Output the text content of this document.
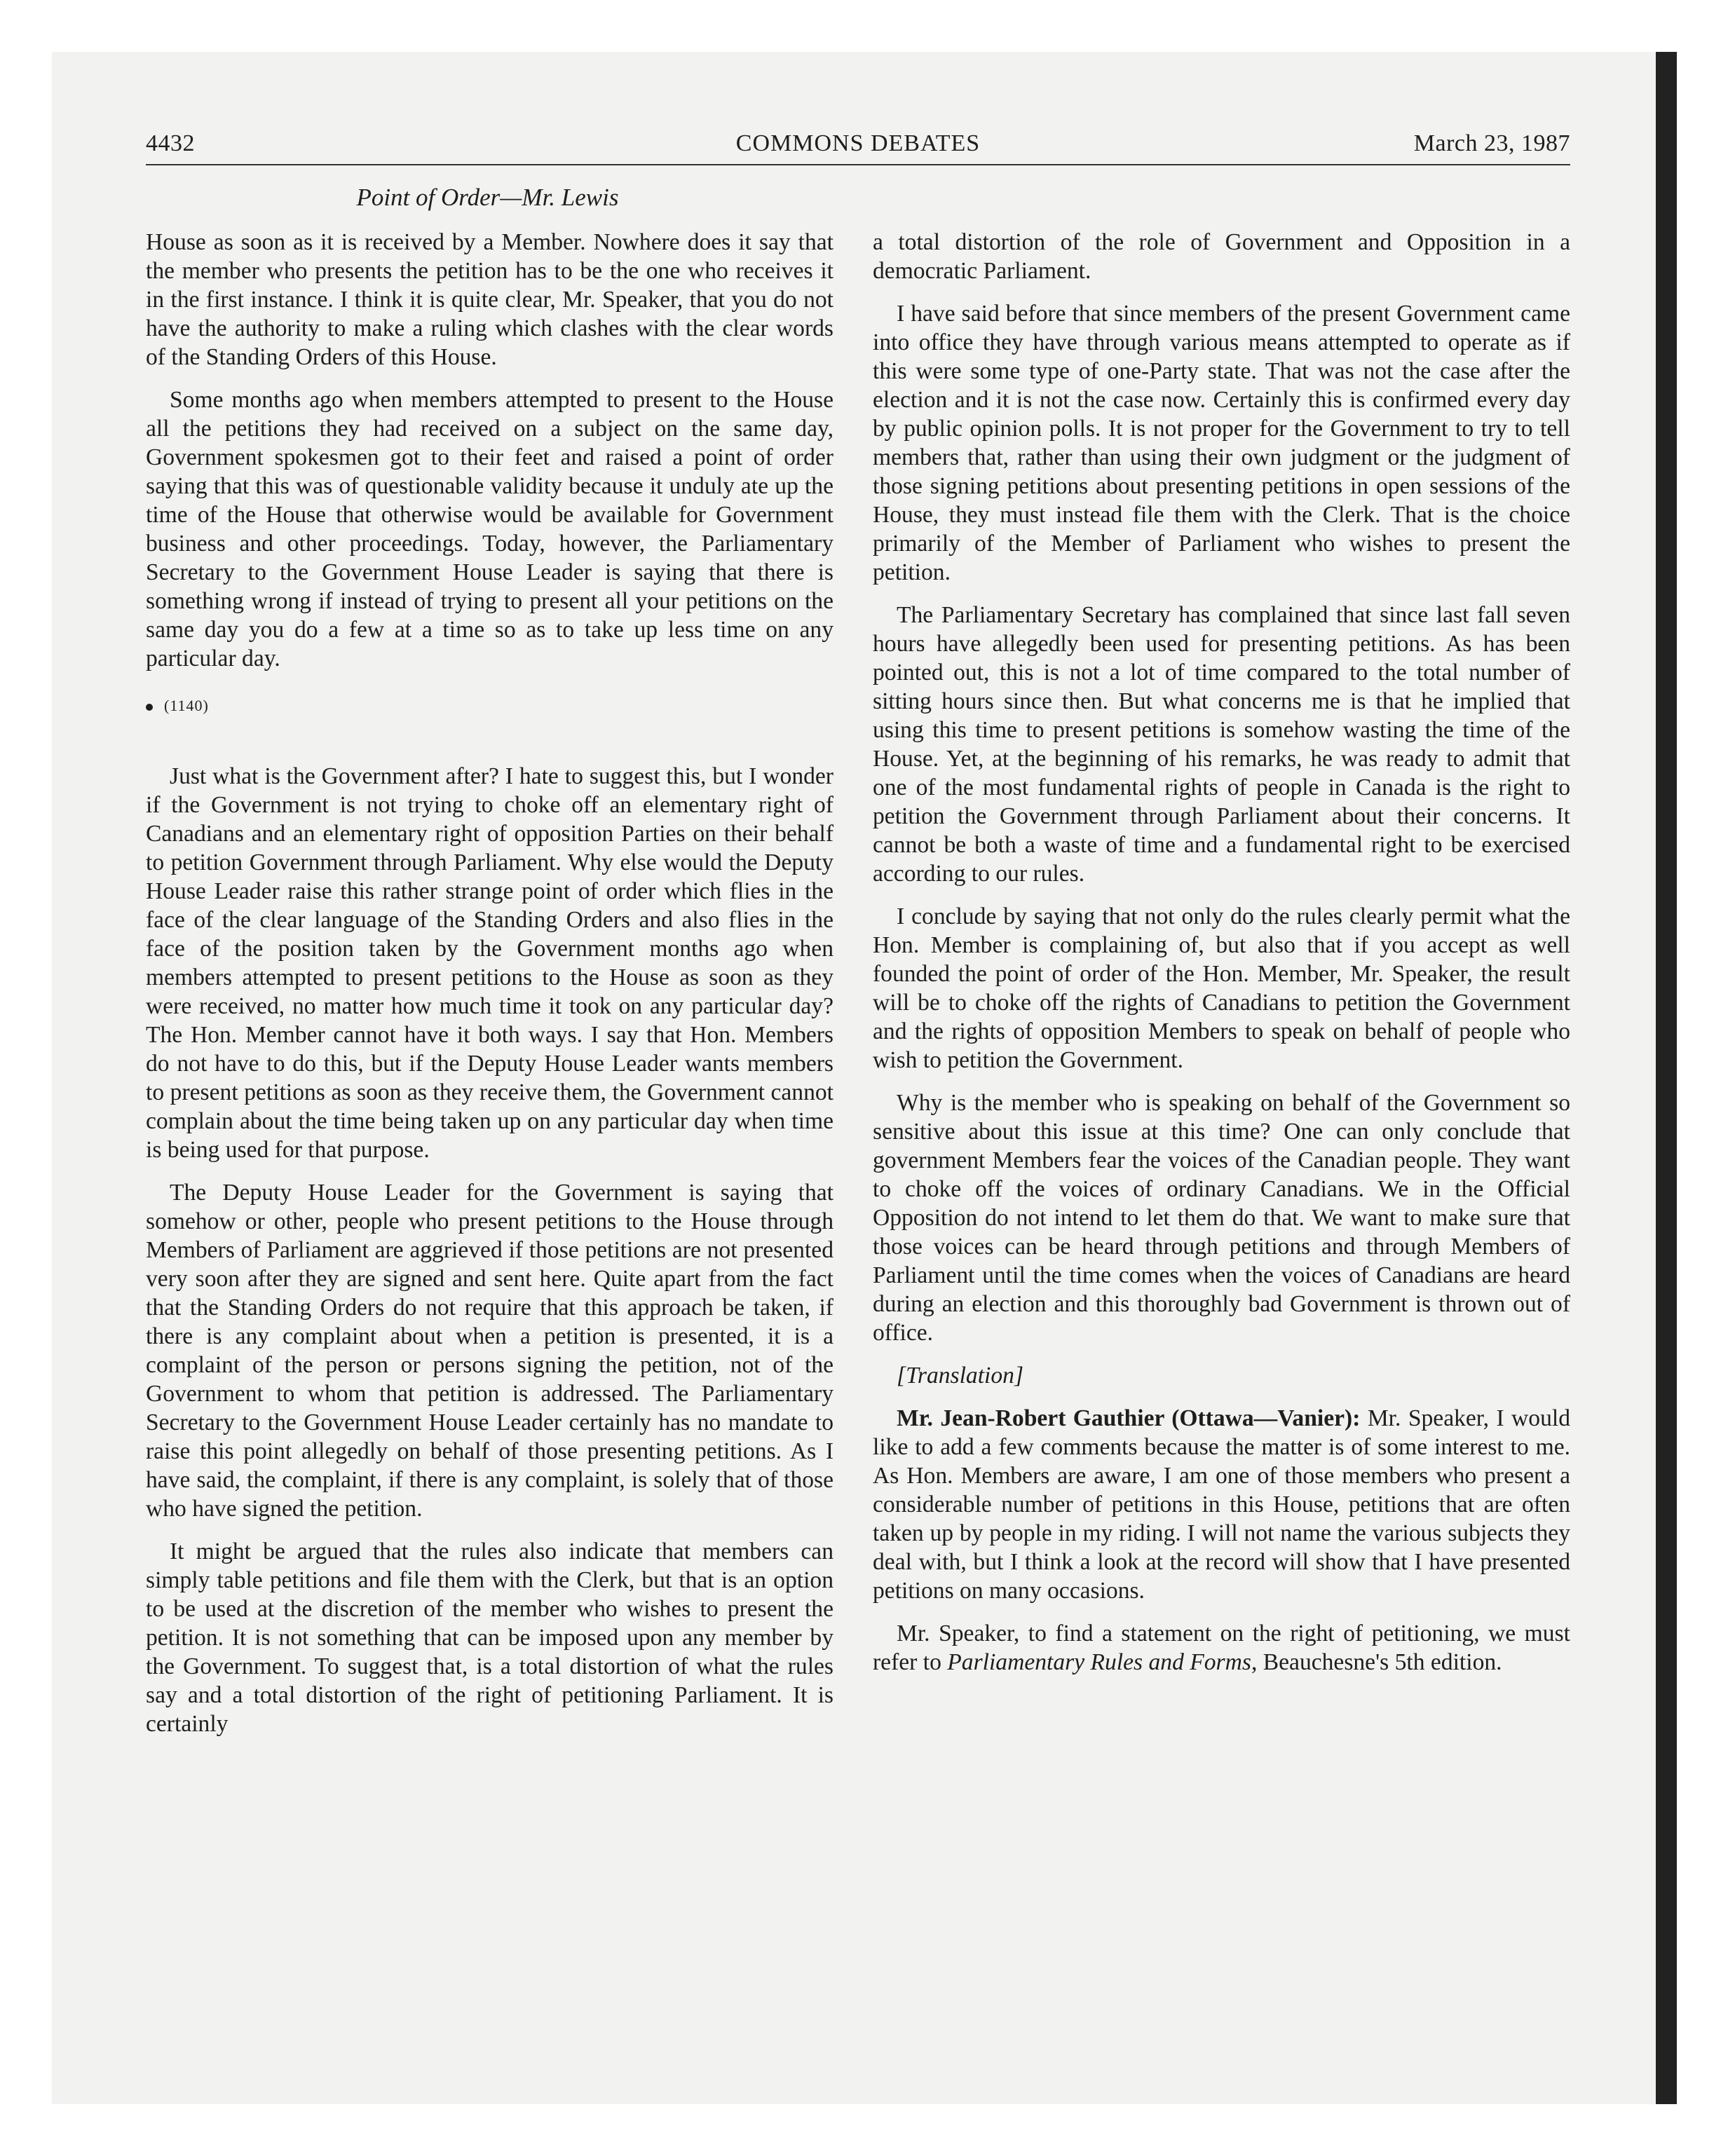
4432	COMMONS DEBATES	March 23, 1987
Point of Order—Mr. Lewis

House as soon as it is received by a Member. Nowhere does it say that the member who presents the petition has to be the one who receives it in the first instance. I think it is quite clear, Mr. Speaker, that you do not have the authority to make a ruling which clashes with the clear words of the Standing Orders of this House.

Some months ago when members attempted to present to the House all the petitions they had received on a subject on the same day, Government spokesmen got to their feet and raised a point of order saying that this was of questionable validity because it unduly ate up the time of the House that otherwise would be available for Government business and other proceedings. Today, however, the Parliamentary Secretary to the Government House Leader is saying that there is something wrong if instead of trying to present all your petitions on the same day you do a few at a time so as to take up less time on any particular day.

(1140)

Just what is the Government after? I hate to suggest this, but I wonder if the Government is not trying to choke off an elementary right of Canadians and an elementary right of opposition Parties on their behalf to petition Government through Parliament. Why else would the Deputy House Leader raise this rather strange point of order which flies in the face of the clear language of the Standing Orders and also flies in the face of the position taken by the Government months ago when members attempted to present petitions to the House as soon as they were received, no matter how much time it took on any particular day? The Hon. Member cannot have it both ways. I say that Hon. Members do not have to do this, but if the Deputy House Leader wants members to present petitions as soon as they receive them, the Government cannot complain about the time being taken up on any particular day when time is being used for that purpose.

The Deputy House Leader for the Government is saying that somehow or other, people who present petitions to the House through Members of Parliament are aggrieved if those petitions are not presented very soon after they are signed and sent here. Quite apart from the fact that the Standing Orders do not require that this approach be taken, if there is any complaint about when a petition is presented, it is a complaint of the person or persons signing the petition, not of the Government to whom that petition is addressed. The Parliamentary Secretary to the Government House Leader certainly has no mandate to raise this point allegedly on behalf of those presenting petitions. As I have said, the complaint, if there is any complaint, is solely that of those who have signed the petition.

It might be argued that the rules also indicate that members can simply table petitions and file them with the Clerk, but that is an option to be used at the discretion of the member who wishes to present the petition. It is not something that can be imposed upon any member by the Government. To suggest that, is a total distortion of what the rules say and a total distortion of the right of petitioning Parliament. It is certainly

a total distortion of the role of Government and Opposition in a democratic Parliament.

I have said before that since members of the present Government came into office they have through various means attempted to operate as if this were some type of one-Party state. That was not the case after the election and it is not the case now. Certainly this is confirmed every day by public opinion polls. It is not proper for the Government to try to tell members that, rather than using their own judgment or the judgment of those signing petitions about presenting petitions in open sessions of the House, they must instead file them with the Clerk. That is the choice primarily of the Member of Parliament who wishes to present the petition.

The Parliamentary Secretary has complained that since last fall seven hours have allegedly been used for presenting petitions. As has been pointed out, this is not a lot of time compared to the total number of sitting hours since then. But what concerns me is that he implied that using this time to present petitions is somehow wasting the time of the House. Yet, at the beginning of his remarks, he was ready to admit that one of the most fundamental rights of people in Canada is the right to petition the Government through Parliament about their concerns. It cannot be both a waste of time and a fundamental right to be exercised according to our rules.

I conclude by saying that not only do the rules clearly permit what the Hon. Member is complaining of, but also that if you accept as well founded the point of order of the Hon. Member, Mr. Speaker, the result will be to choke off the rights of Canadians to petition the Government and the rights of opposition Members to speak on behalf of people who wish to petition the Government.

Why is the member who is speaking on behalf of the Government so sensitive about this issue at this time? One can only conclude that government Members fear the voices of the Canadian people. They want to choke off the voices of ordinary Canadians. We in the Official Opposition do not intend to let them do that. We want to make sure that those voices can be heard through petitions and through Members of Parliament until the time comes when the voices of Canadians are heard during an election and this thoroughly bad Government is thrown out of office.

[Translation]

Mr. Jean-Robert Gauthier (Ottawa—Vanier): Mr. Speaker, I would like to add a few comments because the matter is of some interest to me. As Hon. Members are aware, I am one of those members who present a considerable number of petitions in this House, petitions that are often taken up by people in my riding. I will not name the various subjects they deal with, but I think a look at the record will show that I have presented petitions on many occasions.

Mr. Speaker, to find a statement on the right of petitioning, we must refer to Parliamentary Rules and Forms, Beauchesne's 5th edition.
